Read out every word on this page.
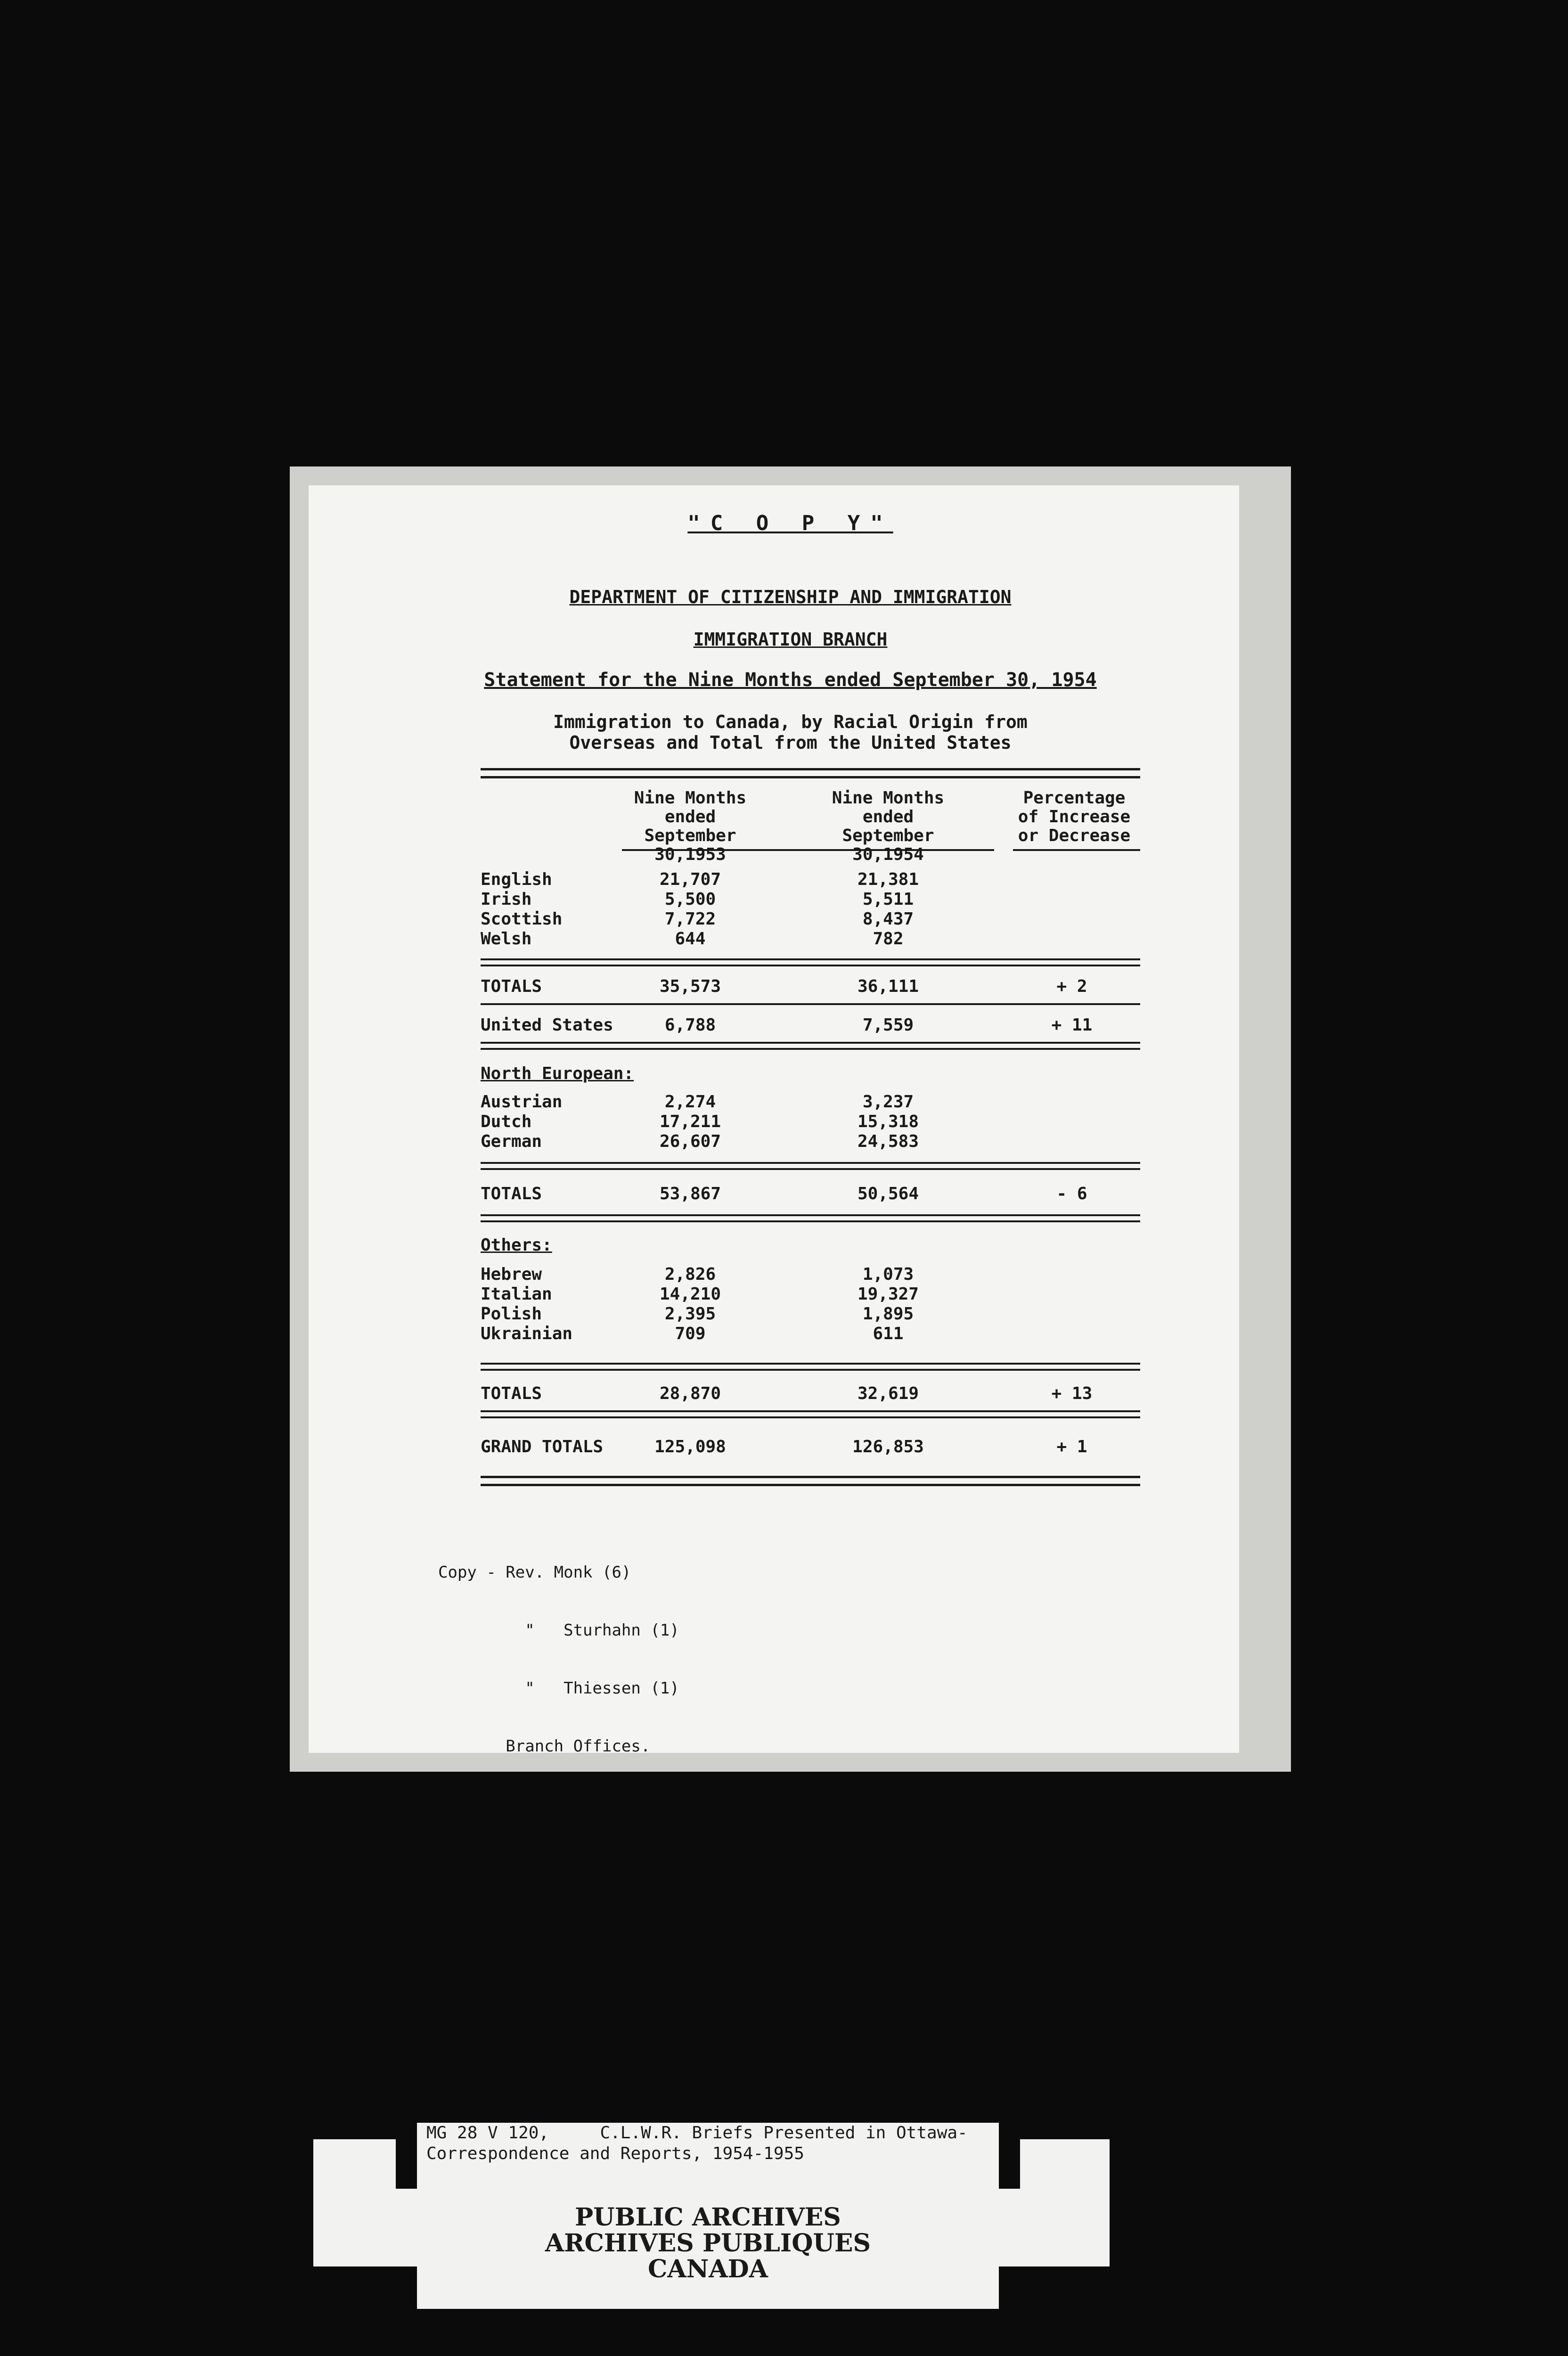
"C O P Y"
DEPARTMENT OF CITIZENSHIP AND IMMIGRATION
IMMIGRATION BRANCH
Statement for the Nine Months ended September 30, 1954
Immigration to Canada, by Racial Origin from
Overseas and Total from the United States
Nine Months
ended
September 30,1953
Nine Months
ended
September 30,1954
Percentage
of Increase
or Decrease
English	21,707	21,381
Irish	5,500	5,511
Scottish	7,722	8,437
Welsh	644	782
TOTALS	35,573	36,111	+ 2
United States	6,788	7,559	+ 11
North European:
Austrian	2,274	3,237
Dutch	17,211	15,318
German	26,607	24,583
TOTALS	53,867	50,564	- 6
Others:
Hebrew	2,826	1,073
Italian	14,210	19,327
Polish	2,395	1,895
Ukrainian	709	611
TOTALS	28,870	32,619	+ 13
GRAND TOTALS	125,098	126,853	+ 1

Copy - Rev. Monk (6)

"   Sturhahn (1)

"   Thiessen (1)

Branch Offices.

MG 28 V 120,     C.L.W.R. Briefs Presented in Ottawa-
Correspondence and Reports, 1954-1955
PUBLIC ARCHIVES
ARCHIVES PUBLIQUES
CANADA
